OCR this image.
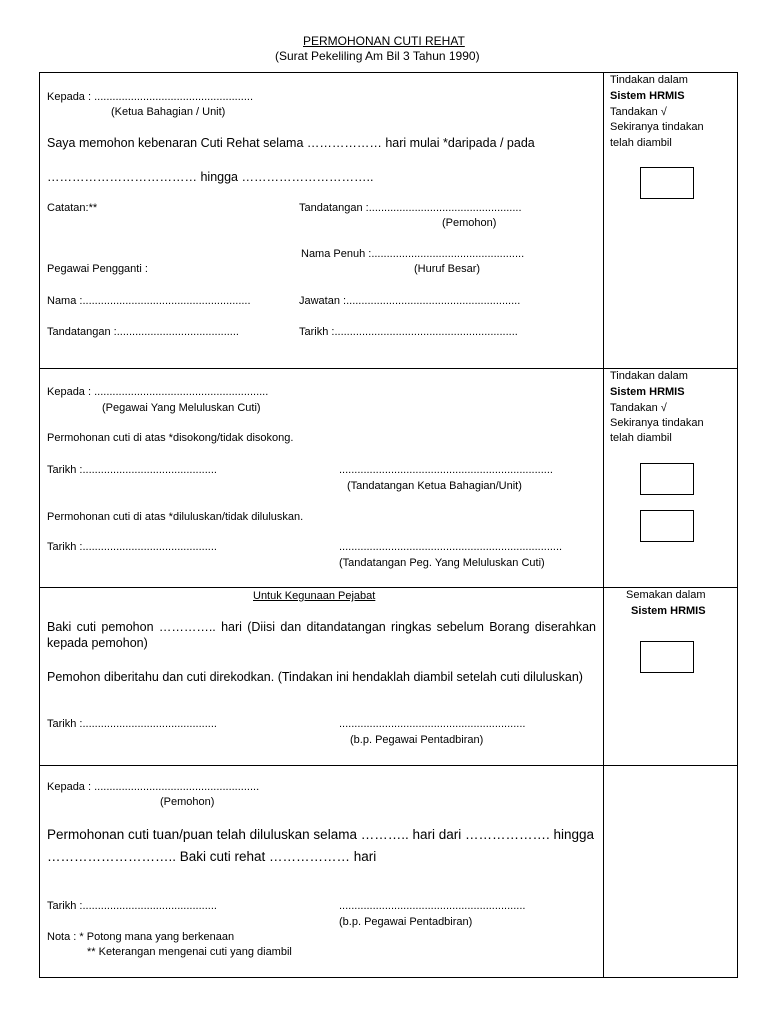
PERMOHONAN CUTI REHAT
(Surat Pekeliling Am Bil 3 Tahun 1990)
Kepada : ....................................................
(Ketua Bahagian / Unit)
Saya memohon kebenaran Cuti Rehat selama ……………… hari mulai *daripada / pada
……………………………… hingga …………………………..
Catatan:**	Tandatangan :..................................................
(Pemohon)
Nama Penuh :..................................................
(Huruf Besar)
Pegawai Pengganti :
Nama :.......................................................	Jawatan :.........................................................
Tandatangan :........................................	Tarikh :............................................................
Tindakan dalam
Sistem HRMIS
Tandakan √
Sekiranya tindakan
telah diambil
Kepada : .........................................................
(Pegawai Yang Meluluskan Cuti)
Permohonan cuti di atas *disokong/tidak disokong.
Tarikh :............................................	......................................................................
(Tandatangan Ketua Bahagian/Unit)
Permohonan cuti di atas *diluluskan/tidak diluluskan.
Tarikh :............................................	.........................................................................
(Tandatangan Peg. Yang Meluluskan Cuti)
Tindakan dalam
Sistem HRMIS
Tandakan √
Sekiranya tindakan
telah diambil
Untuk Kegunaan Pejabat
Baki cuti pemohon ………….. hari (Diisi dan ditandatangan ringkas sebelum Borang diserahkan kepada pemohon)
Pemohon diberitahu dan cuti direkodkan. (Tindakan ini hendaklah diambil setelah cuti diluluskan)
Tarikh :............................................	.............................................................
(b.p. Pegawai Pentadbiran)
Semakan dalam
Sistem HRMIS
Kepada : ......................................................
(Pemohon)
Permohonan cuti tuan/puan telah diluluskan selama ……….. hari dari ………………. hingga
……………………….. Baki cuti rehat ……………… hari
Tarikh :............................................	.............................................................
(b.p. Pegawai Pentadbiran)
Nota : * Potong mana yang berkenaan
** Keterangan mengenai cuti yang diambil
